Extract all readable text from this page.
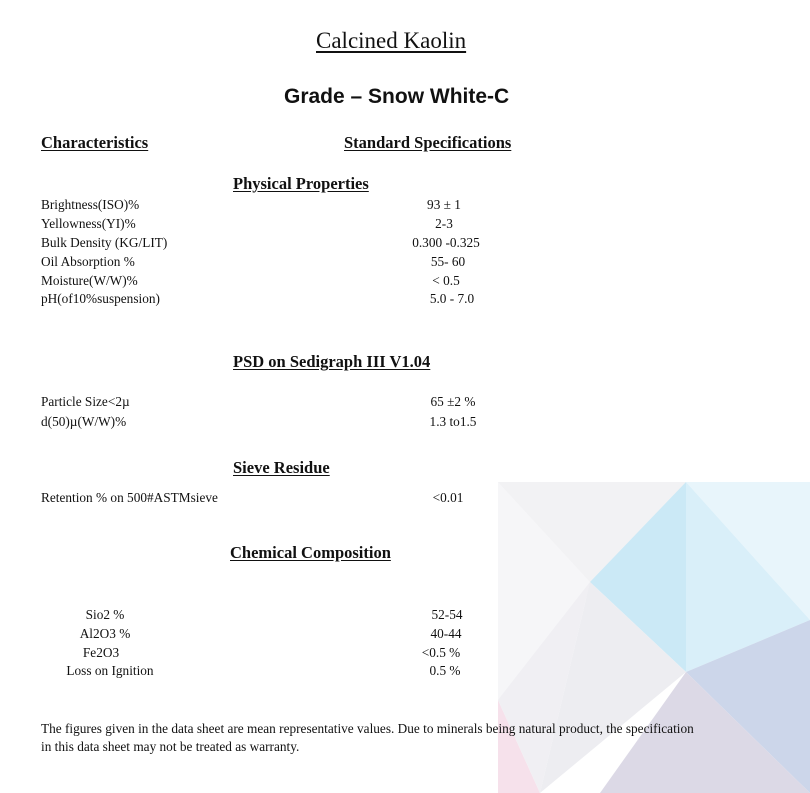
Calcined Kaolin
Grade – Snow White-C
Characteristics	Standard Specifications
Physical Properties
Brightness(ISO)%	93 ± 1
Yellowness(YI)%	2-3
Bulk Density (KG/LIT)	0.300 -0.325
Oil Absorption %	55- 60
Moisture(W/W)%	< 0.5
pH(of10%suspension)	5.0 - 7.0
PSD on Sedigraph III V1.04
Particle Size<2µ	65 ±2 %
d(50)µ(W/W)%	1.3 to1.5
Sieve Residue
Retention % on 500#ASTMsieve	<0.01
Chemical Composition
Sio2 %	52-54
Al2O3 %	40-44
Fe2O3	<0.5 %
Loss on Ignition	0.5 %
The figures given in the data sheet are mean representative values. Due to minerals being natural product, the specification in this data sheet may not be treated as warranty.
